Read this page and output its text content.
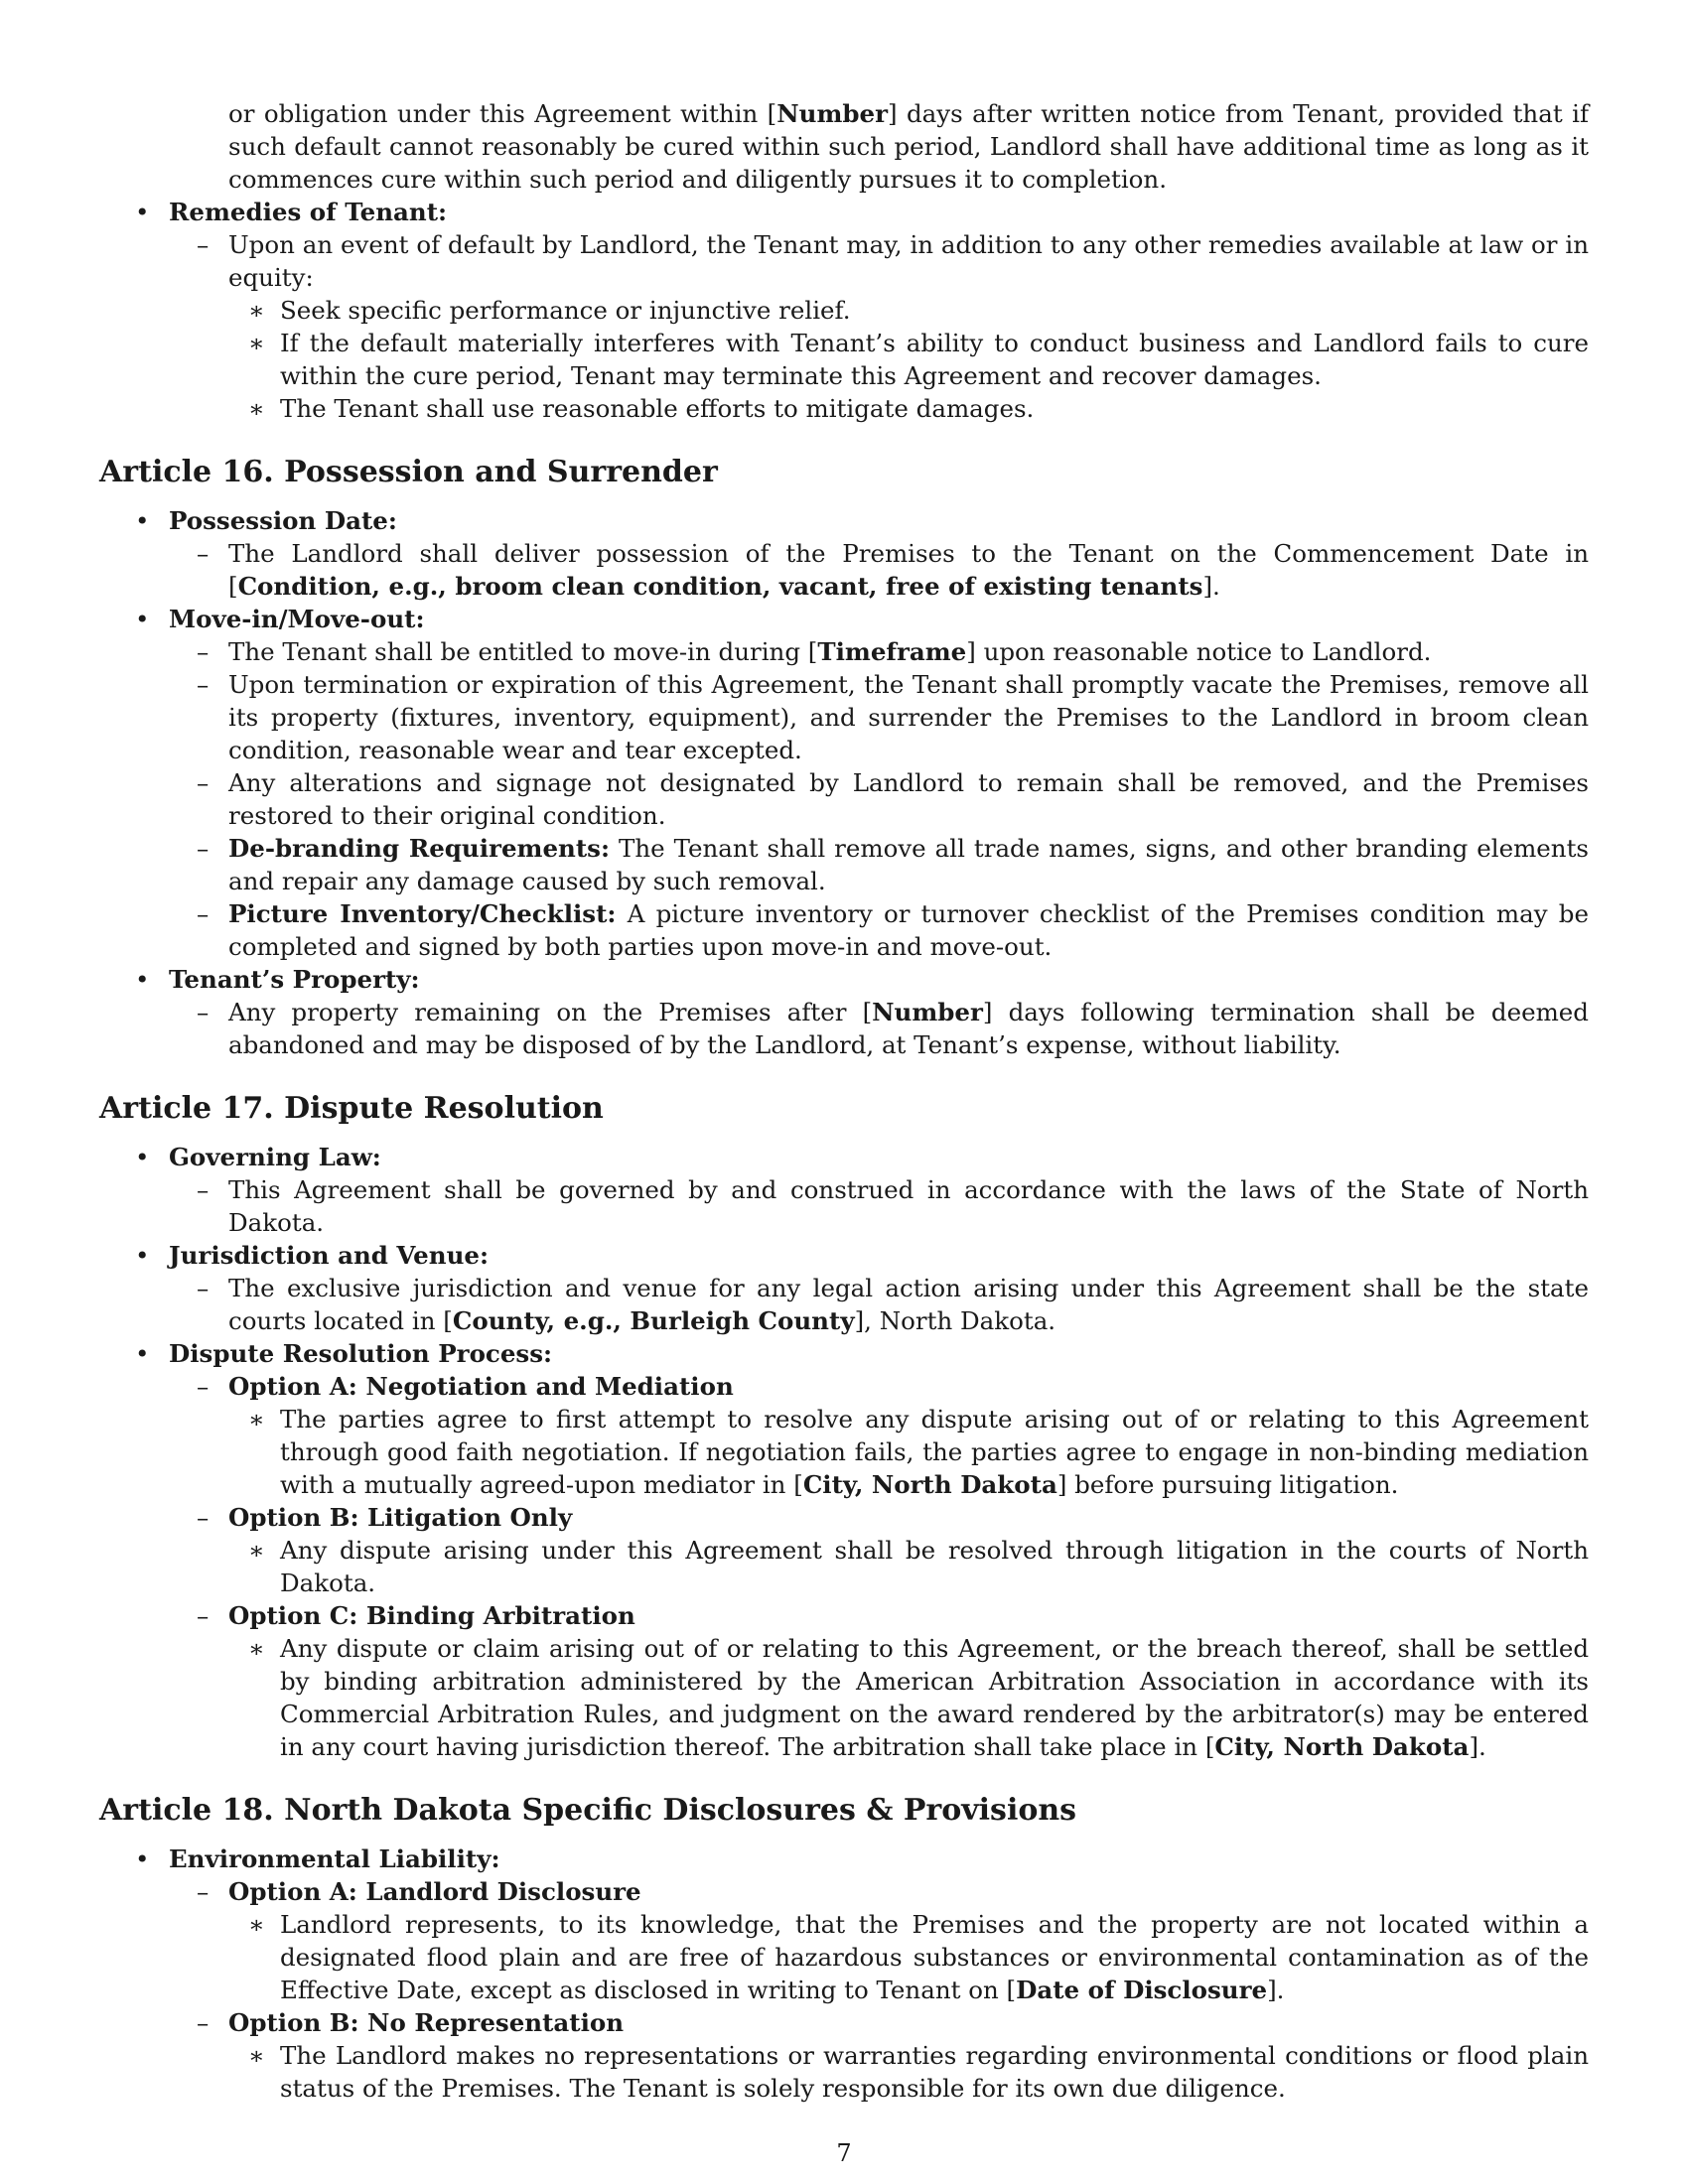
or obligation under this Agreement within [Number] days after written notice from Tenant, provided that if such default cannot reasonably be cured within such period, Landlord shall have additional time as long as it commences cure within such period and diligently pursues it to completion.
• Remedies of Tenant:
– Upon an event of default by Landlord, the Tenant may, in addition to any other remedies available at law or in equity:
∗ Seek specific performance or injunctive relief.
∗ If the default materially interferes with Tenant’s ability to conduct business and Landlord fails to cure within the cure period, Tenant may terminate this Agreement and recover damages.
∗ The Tenant shall use reasonable efforts to mitigate damages.
Article 16. Possession and Surrender
• Possession Date:
– The Landlord shall deliver possession of the Premises to the Tenant on the Commencement Date in [Condition, e.g., broom clean condition, vacant, free of existing tenants].
• Move-in/Move-out:
– The Tenant shall be entitled to move-in during [Timeframe] upon reasonable notice to Landlord.
– Upon termination or expiration of this Agreement, the Tenant shall promptly vacate the Premises, remove all its property (fixtures, inventory, equipment), and surrender the Premises to the Landlord in broom clean condition, reasonable wear and tear excepted.
– Any alterations and signage not designated by Landlord to remain shall be removed, and the Premises restored to their original condition.
– De-branding Requirements: The Tenant shall remove all trade names, signs, and other branding elements and repair any damage caused by such removal.
– Picture Inventory/Checklist: A picture inventory or turnover checklist of the Premises condition may be completed and signed by both parties upon move-in and move-out.
• Tenant’s Property:
– Any property remaining on the Premises after [Number] days following termination shall be deemed abandoned and may be disposed of by the Landlord, at Tenant’s expense, without liability.
Article 17. Dispute Resolution
• Governing Law:
– This Agreement shall be governed by and construed in accordance with the laws of the State of North Dakota.
• Jurisdiction and Venue:
– The exclusive jurisdiction and venue for any legal action arising under this Agreement shall be the state courts located in [County, e.g., Burleigh County], North Dakota.
• Dispute Resolution Process:
– Option A: Negotiation and Mediation
∗ The parties agree to first attempt to resolve any dispute arising out of or relating to this Agreement through good faith negotiation. If negotiation fails, the parties agree to engage in non-binding mediation with a mutually agreed-upon mediator in [City, North Dakota] before pursuing litigation.
– Option B: Litigation Only
∗ Any dispute arising under this Agreement shall be resolved through litigation in the courts of North Dakota.
– Option C: Binding Arbitration
∗ Any dispute or claim arising out of or relating to this Agreement, or the breach thereof, shall be settled by binding arbitration administered by the American Arbitration Association in accordance with its Commercial Arbitration Rules, and judgment on the award rendered by the arbitrator(s) may be entered in any court having jurisdiction thereof. The arbitration shall take place in [City, North Dakota].
Article 18. North Dakota Specific Disclosures & Provisions
• Environmental Liability:
– Option A: Landlord Disclosure
∗ Landlord represents, to its knowledge, that the Premises and the property are not located within a designated flood plain and are free of hazardous substances or environmental contamination as of the Effective Date, except as disclosed in writing to Tenant on [Date of Disclosure].
– Option B: No Representation
∗ The Landlord makes no representations or warranties regarding environmental conditions or flood plain status of the Premises. The Tenant is solely responsible for its own due diligence.
7
